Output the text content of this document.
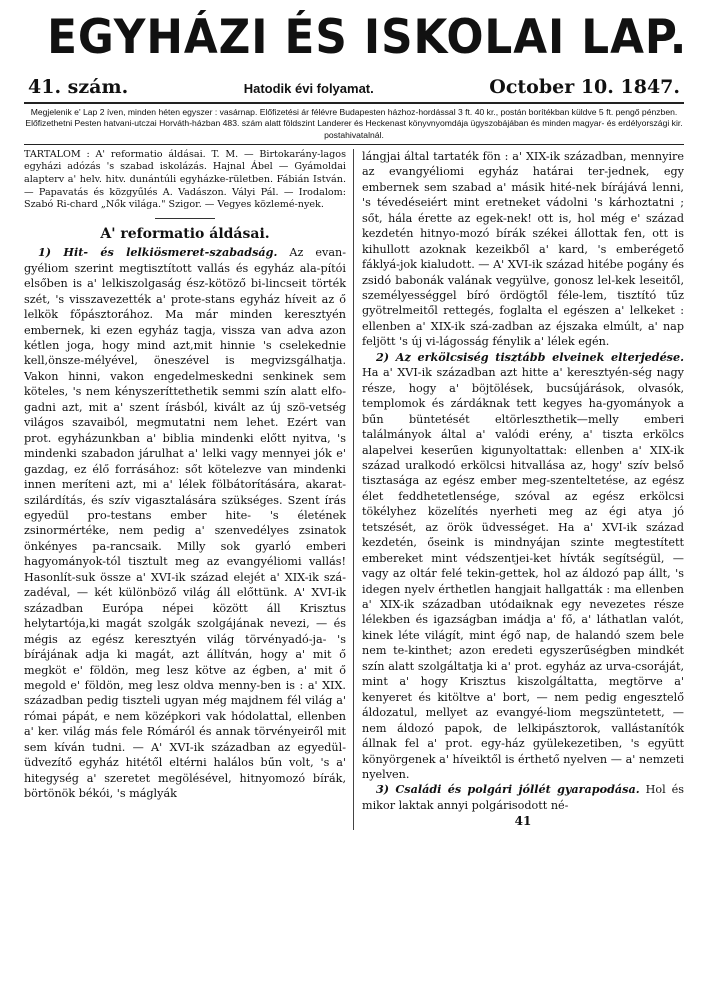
EGYHÁZI ÉS ISKOLAI LAP.
41. szám.	Hatodik évi folyamat.	October 10. 1847.
Megjelenik e' Lap 2 íven, minden héten egyszer : vasárnap. Előfizetési ár félévre Budapesten házhoz-hordással 3 ft. 40 kr., postán borítékban küldve 5 ft. pengő pénzben. Előfizethetni Pesten hatvani-utczai Horváth-házban 483. szám alatt földszint Landerer és Heckenast könyvnyomdája ügyszobájában és minden magyar- és erdélyországi kir. postahivatalnál.
TARTALOM : A' reformatio áldásai. T. M. — Birtokarány-lagos egyházi adózás 's szabad iskolázás. Hajnal Ábel — Gyámoldai alapterv a' helv. hitv. dunántúli egyházke-rületben. Fábián István. — Papavatás és közgyűlés A. Vadászon. Vályi Pál. — Irodalom: Szabó Ri-chard „Nők világa." Szigor. — Vegyes közlemé-nyek.
A' reformatio áldásai.

1) Hit- és lelkiösmeret-szabadság. Az evan-gyéliom szerint megtisztított vallás és egyház ala-pítói elsőben is a' lelkiszolgaság ész-kötöző bi-lincseit törték szét, 's visszavezették a' prote-stans egyház híveit az ő lelkök főpásztorához. Ma már minden keresztyén embernek, ki ezen egyház tagja, vissza van adva azon kétlen joga, hogy mind azt,mit hinnie 's cselekednie kell,önsze-mélyével, öneszével is megvizsgálhatja. Vakon hinni, vakon engedelmeskedni senkinek sem köteles, 's nem kényszeríttethetik semmi szín alatt elfo-gadni azt, mit a' szent írásból, kivált az új szö-vetség világos szavaiból, megmutatni nem lehet. Ezért van prot. egyházunkban a' biblia mindenki előtt nyitva, 's mindenki szabadon járulhat a' lelki vagy mennyei jók e' gazdag, ez élő forrásához: sőt kötelezve van mindenki innen meríteni azt, mi a' lélek fölbátorítására, akarat-szilárdítás, és szív vigasztalására szükséges. Szent írás egyedül pro-testans ember hite- 's életének zsinormértéke, nem pedig a' szenvedélyes zsinatok önkényes pa-rancsaik. Milly sok gyarló emberi hagyományok-tól tisztult meg az evangyéliomi vallás! Hasonlít-suk össze a' XVI-ik század elejét a' XIX-ik szá-zadéval, — két különböző világ áll előttünk. A' XVI-ik században Európa népei között áll Krisztus helytartója,ki magát szolgák szolgájának nevezi, — és mégis az egész keresztyén világ törvényadó-ja- 's bírájának adja ki magát, azt állítván, hogy a' mit ő megköt e' földön, meg lesz kötve az égben, a' mit ő megold e' földön, meg lesz oldva menny-ben is : a' XIX. században pedig tiszteli ugyan még majdnem fél világ a' római pápát, e nem középkori vak hódolattal, ellenben a' ker. világ más fele Rómáról és annak törvényeiről mit sem kíván tudni. — A' XVI-ik században az egyedül-üdvezítő egyház hitétől eltérni halálos bűn volt, 's a' hitegység a' szeretet megölésével, hitnyomozó bírák, börtönök békói, 's máglyák

lángjai által tartaték fön : a' XIX-ik században, mennyire az evangyéliomi egyház határai ter-jednek, egy embernek sem szabad a' másik hité-nek bírájává lenni, 's tévedéseiért mint eretneket vádolni 's kárhoztatni ; sőt, hála érette az egek-nek! ott is, hol még e' század kezdetén hitnyo-mozó bírák székei állottak fen, ott is kihullott azoknak kezeikből a' kard, 's emberégető fáklyá-jok kialudott. — A' XVI-ik század hitébe pogány és zsidó babonák valának vegyülve, gonosz lel-kek leseitől, személyességgel bíró ördögtől féle-lem, tisztító tűz gyötrelmeitől rettegés, foglalta el egészen a' lelkeket : ellenben a' XIX-ik szá-zadban az éjszaka elmúlt, a' nap feljött 's új vi-lágosság fénylik a' lélek egén.

2) Az erkölcsiség tisztább elveinek elterjedése. Ha a' XVI-ik században azt hitte a' keresztyén-ség nagy része, hogy a' böjtölések, bucsújárások, olvasók, templomok és zárdáknak tett kegyes ha-gyományok a bűn büntetését eltörleszthetik—melly emberi találmányok által a' valódi erény, a' tiszta erkölcs alapelvei keserűen kigunyoltattak: ellenben a' XIX-ik század uralkodó erkölcsi hitvallása az, hogy' szív belső tisztasága az egész ember meg-szenteltetése, az egész élet feddhetetlensége, szóval az egész erkölcsi tökélyhez közelítés nyerheti meg az égi atya jó tetszését, az örök üdvességet. Ha a' XVI-ik század kezdetén, őseink is mindnyájan szinte megtestített embereket mint védszentjei-ket hívták segítségül, — vagy az oltár felé tekin-gettek, hol az áldozó pap állt, 's idegen nyelv érthetlen hangjait hallgatták : ma ellenben a' XIX-ik században utódaiknak egy nevezetes része lélekben és igazságban imádja a' fő, a' láthatlan valót, kinek léte világít, mint égő nap, de halandó szem bele nem te-kinthet; azon eredeti egyszerűségben mindkét szín alatt szolgáltatja ki a' prot. egyház az urva-csoráját, mint a' hogy Krisztus kiszolgáltatta, megtörve a' kenyeret és kitöltve a' bort, — nem pedig engesztelő áldozatul, mellyet az evangyé-liom megszüntetett, — nem áldozó papok, de lelkipásztorok, vallástanítók állnak fel a' prot. egy-ház gyülekezetiben, 's együtt könyörgenek a' híveiktől is érthető nyelven — a' nemzeti nyelven.

3) Családi és polgári jóllét gyarapodása. Hol és mikor laktak annyi polgárisodott né-

41
